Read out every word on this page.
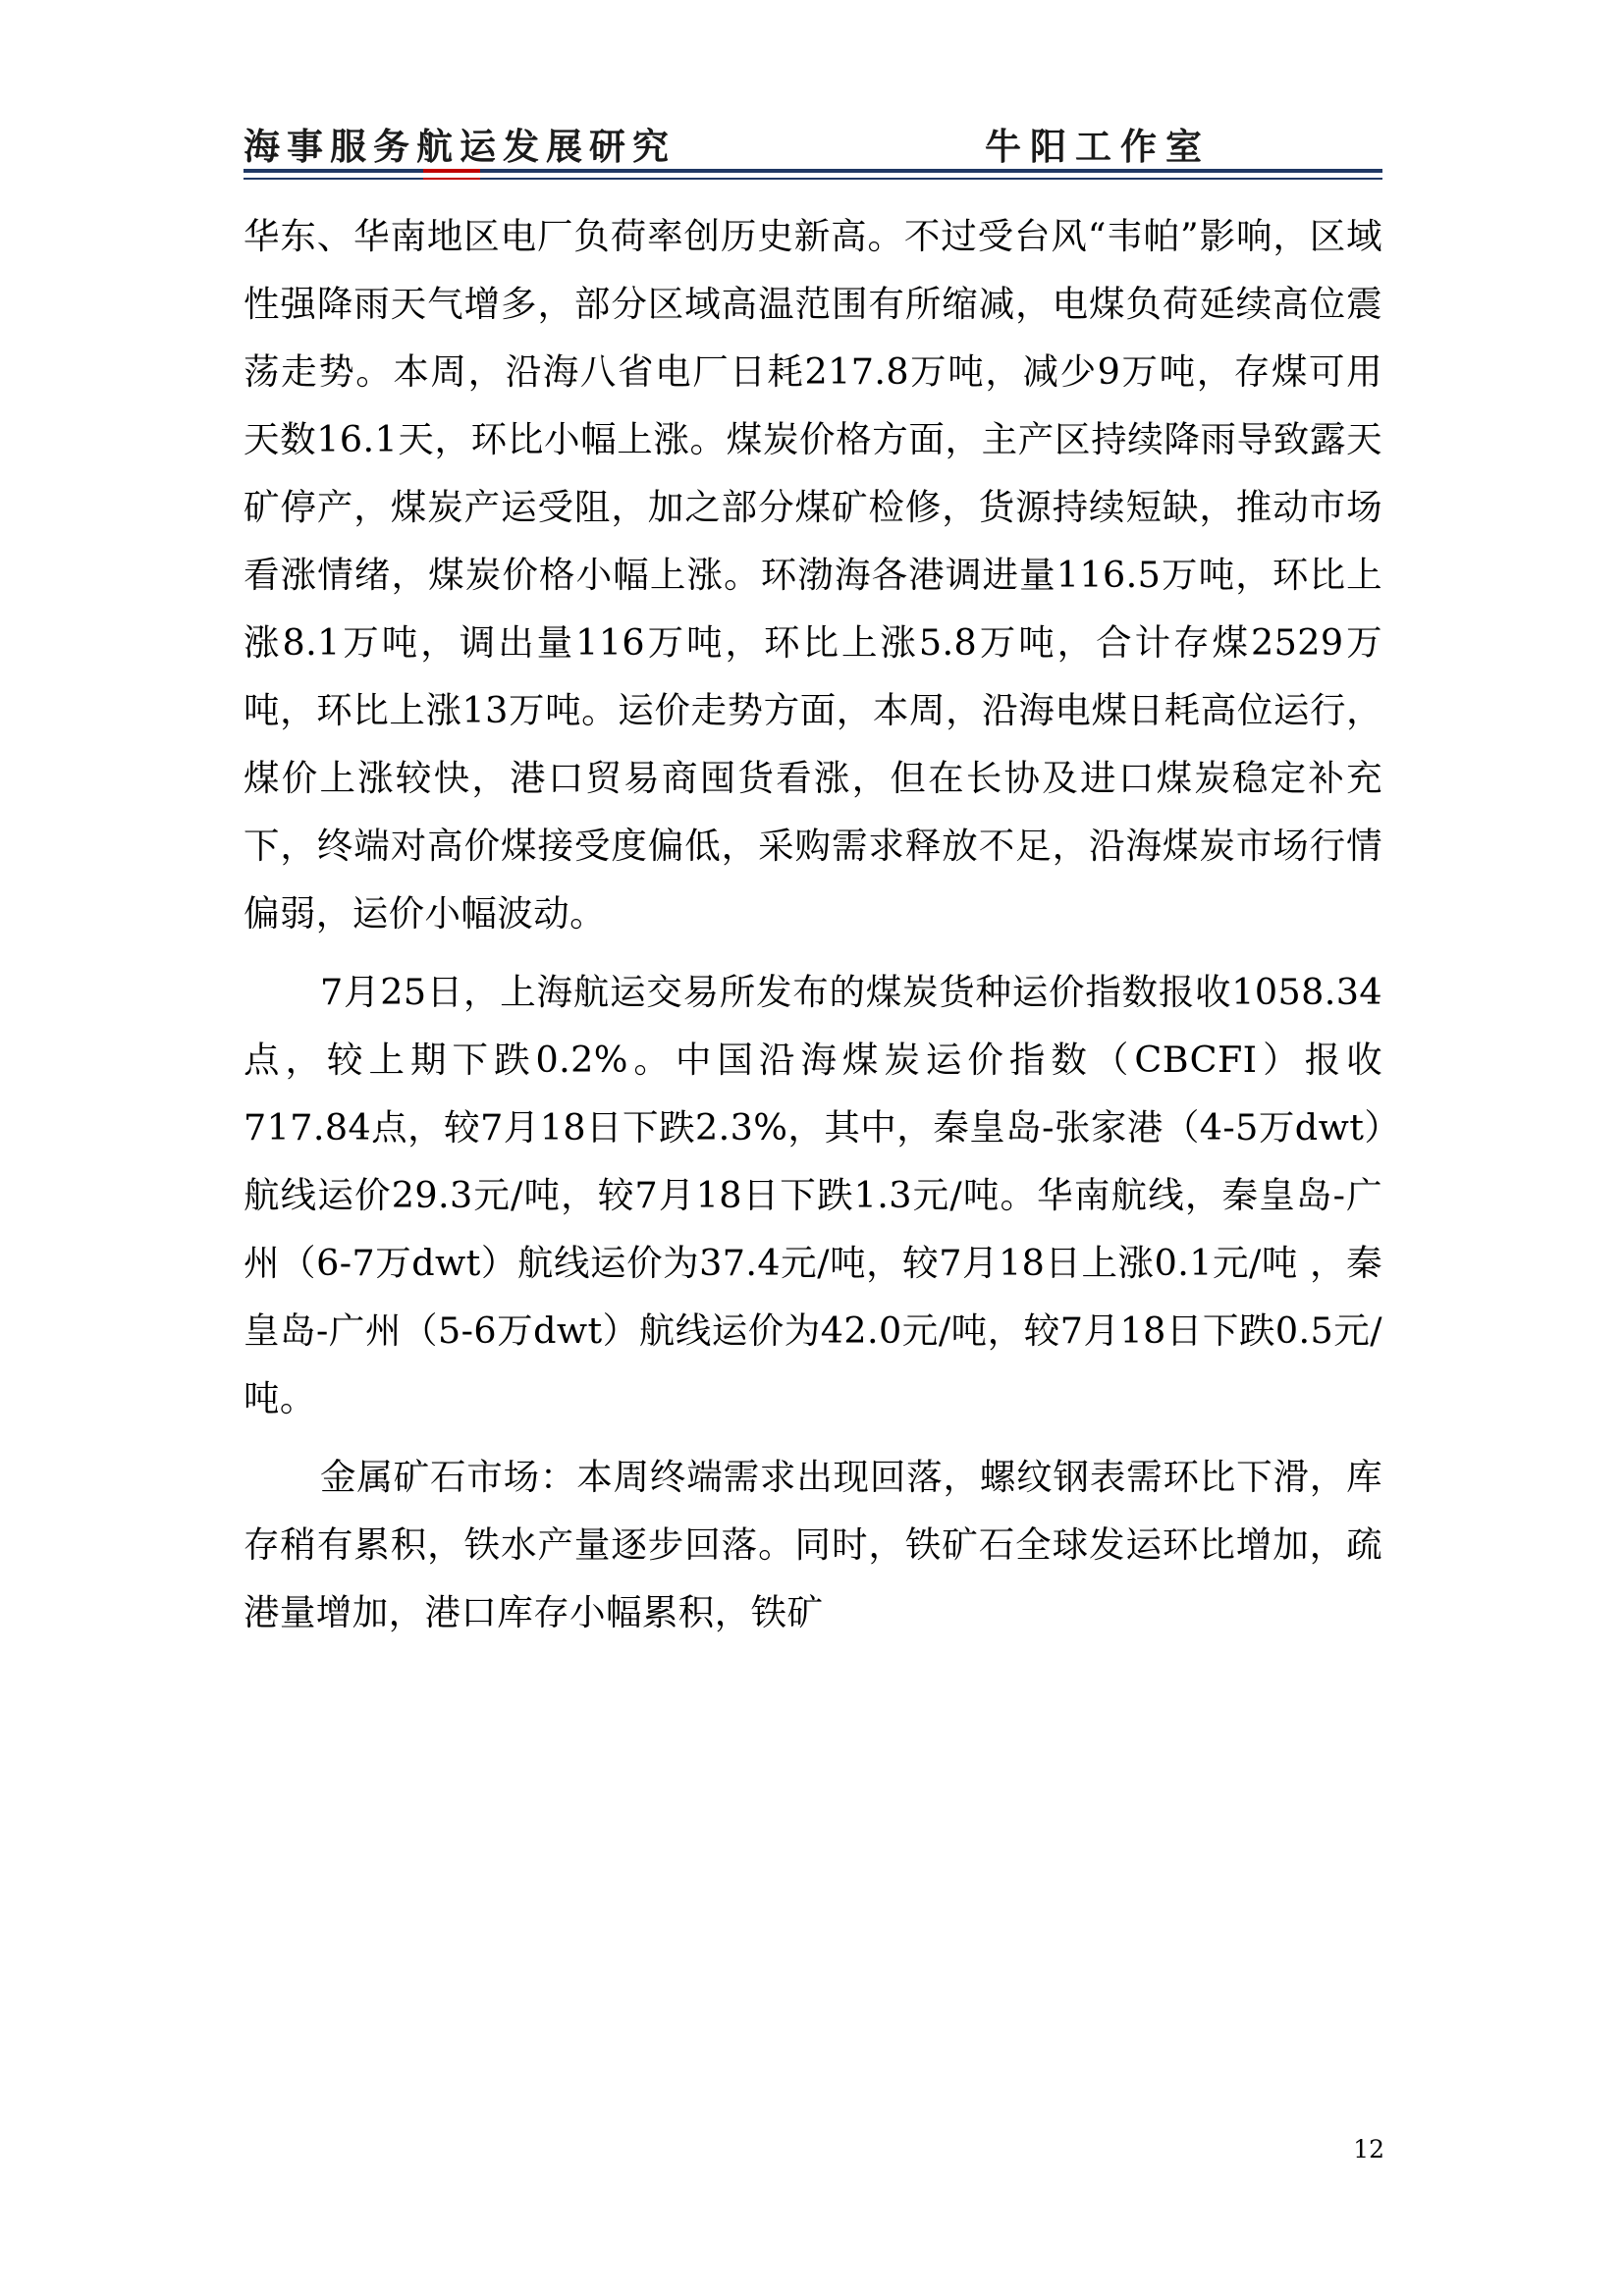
海事服务航运发展研究	牛阳工作室

华东、华南地区电厂负荷率创历史新高。不过受台风“韦帕”影响，区域性强降雨天气增多，部分区域高温范围有所缩减，电煤负荷延续高位震荡走势。本周，沿海八省电厂日耗217.8万吨，减少9万吨，存煤可用天数16.1天，环比小幅上涨。煤炭价格方面，主产区持续降雨导致露天矿停产，煤炭产运受阻，加之部分煤矿检修，货源持续短缺，推动市场看涨情绪，煤炭价格小幅上涨。环渤海各港调进量116.5万吨，环比上涨8.1万吨，调出量116万吨，环比上涨5.8万吨，合计存煤2529万吨，环比上涨13万吨。运价走势方面，本周，沿海电煤日耗高位运行，煤价上涨较快，港口贸易商囤货看涨，但在长协及进口煤炭稳定补充下，终端对高价煤接受度偏低，采购需求释放不足，沿海煤炭市场行情偏弱，运价小幅波动。

7月25日，上海航运交易所发布的煤炭货种运价指数报收1058.34点，较上期下跌0.2%。中国沿海煤炭运价指数（CBCFI）报收717.84点，较7月18日下跌2.3%，其中，秦皇岛-张家港（4-5万dwt）航线运价29.3元/吨，较7月18日下跌1.3元/吨。华南航线，秦皇岛-广州（6-7万dwt）航线运价为37.4元/吨，较7月18日上涨0.1元/吨 ，秦皇岛-广州（5-6万dwt）航线运价为42.0元/吨，较7月18日下跌0.5元/吨。

金属矿石市场：本周终端需求出现回落，螺纹钢表需环比下滑，库存稍有累积，铁水产量逐步回落。同时，铁矿石全球发运环比增加，疏港量增加，港口库存小幅累积，铁矿

12
